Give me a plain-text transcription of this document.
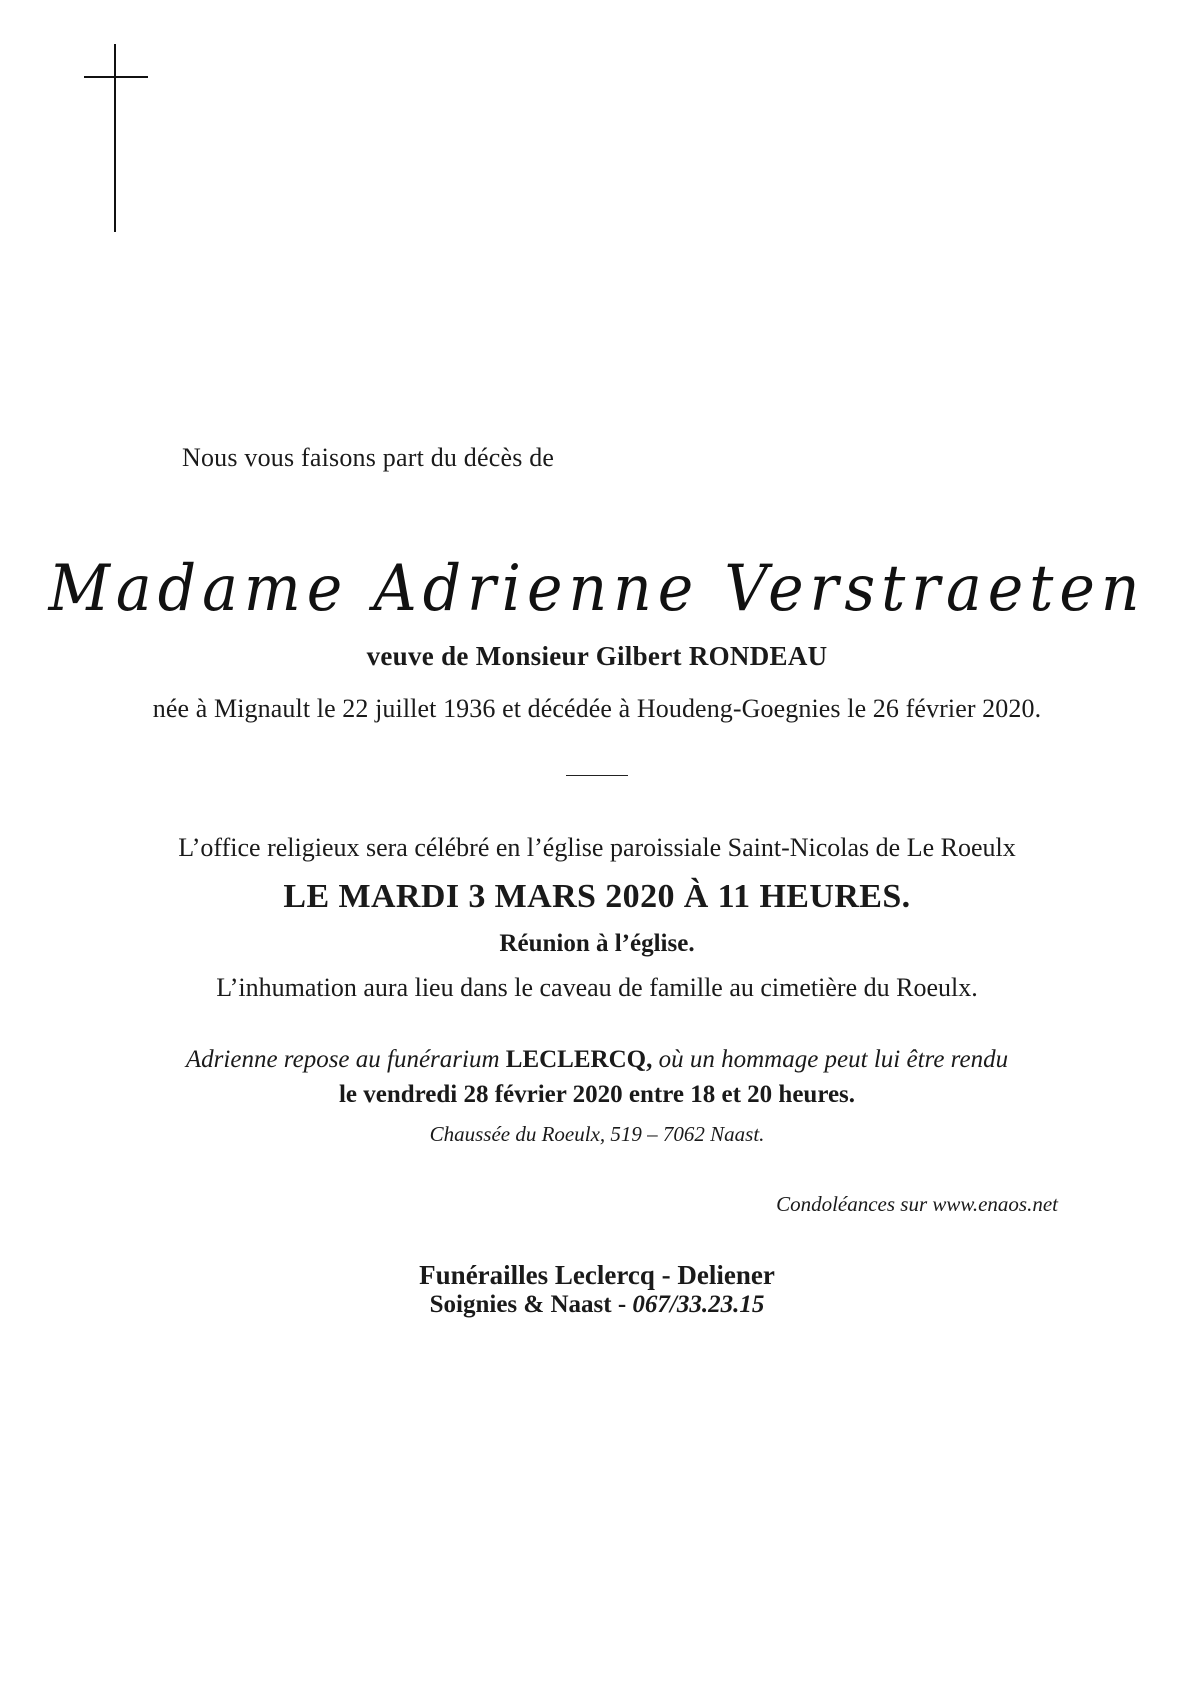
Nous vous faisons part du décès de
Madame Adrienne Verstraeten
veuve de Monsieur Gilbert RONDEAU
née à Mignault le 22 juillet 1936 et décédée à Houdeng-Goegnies le 26 février 2020.
L’office religieux sera célébré en l’église paroissiale Saint-Nicolas de Le Roeulx
LE MARDI 3 MARS 2020 À 11 HEURES.
Réunion à l’église.
L’inhumation aura lieu dans le caveau de famille au cimetière du Roeulx.
Adrienne repose au funérarium LECLERCQ, où un hommage peut lui être rendu
le vendredi 28 février 2020 entre 18 et 20 heures.
Chaussée du Roeulx, 519 – 7062 Naast.
Condoléances sur www.enaos.net
Funérailles Leclercq - Deliener
Soignies & Naast - 067/33.23.15
